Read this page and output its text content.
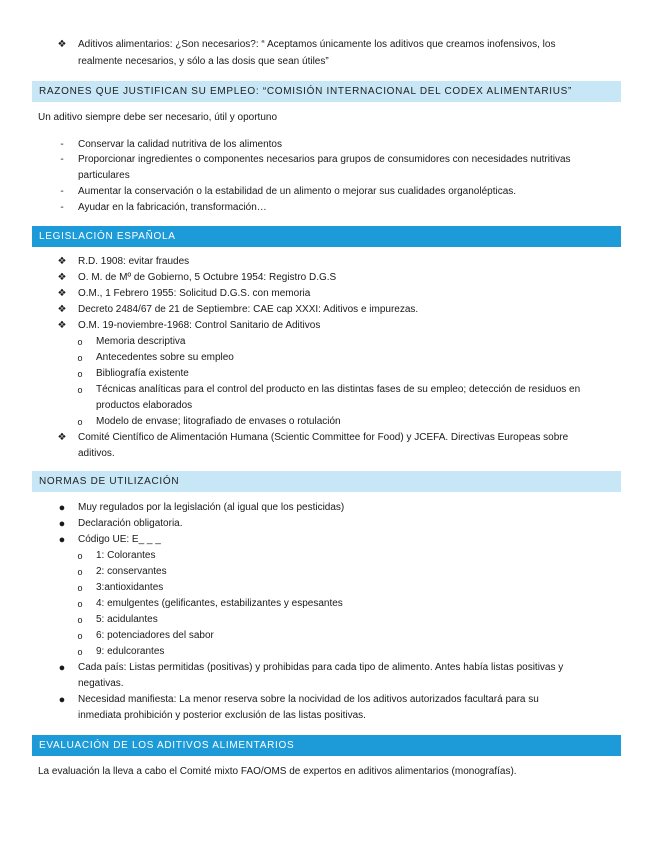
❖ Aditivos alimentarios: ¿Son necesarios?: “ Aceptamos únicamente los aditivos que creamos inofensivos, los
realmente necesarios, y sólo a las dosis que sean útiles”
RAZONES QUE JUSTIFICAN SU EMPLEO: “COMISIÓN INTERNACIONAL DEL CODEX ALIMENTARIUS”
Un aditivo siempre debe ser necesario, útil y oportuno
-	Conservar la calidad nutritiva de los alimentos
-	Proporcionar ingredientes o componentes necesarios para grupos de consumidores con necesidades nutritivas
particulares
-	Aumentar la conservación o la estabilidad de un alimento o mejorar sus cualidades organolépticas.
-	Ayudar en la fabricación, transformación…
LEGISLACIÓN ESPAÑOLA
❖ R.D. 1908: evitar fraudes
❖ O. M. de Mº de Gobierno, 5 Octubre 1954: Registro D.G.S
❖ O.M., 1 Febrero 1955: Solicitud D.G.S. con memoria
❖ Decreto 2484/67 de 21 de Septiembre: CAE cap XXXI: Aditivos e impurezas.
❖ O.M. 19-noviembre-1968: Control Sanitario de Aditivos
o	Memoria descriptiva
o	Antecedentes sobre su empleo
o	Bibliografía existente
o	Técnicas analíticas para el control del producto en las distintas fases de su empleo; detección de residuos en
productos elaborados
o	Modelo de envase; litografiado de envases o rotulación
❖ Comité Científico de Alimentación Humana (Scientic Committee for Food) y JCEFA. Directivas Europeas sobre
aditivos.
NORMAS DE UTILIZACIÓN
● Muy regulados por la legislación (al igual que los pesticidas)
● Declaración obligatoria.
● Código UE: E_ _ _
o	1: Colorantes
o	2: conservantes
o	3:antioxidantes
o	4: emulgentes (gelificantes, estabilizantes y espesantes
o	5: acidulantes
o	6: potenciadores del sabor
o	9: edulcorantes
● Cada país: Listas permitidas (positivas) y prohibidas para cada tipo de alimento. Antes había listas positivas y
negativas.
● Necesidad manifiesta: La menor reserva sobre la nocividad de los aditivos autorizados facultará para su
inmediata prohibición y posterior exclusión de las listas positivas.
EVALUACIÓN DE LOS ADITIVOS ALIMENTARIOS
La evaluación la lleva a cabo el Comité mixto FAO/OMS de expertos en aditivos alimentarios (monografías).
